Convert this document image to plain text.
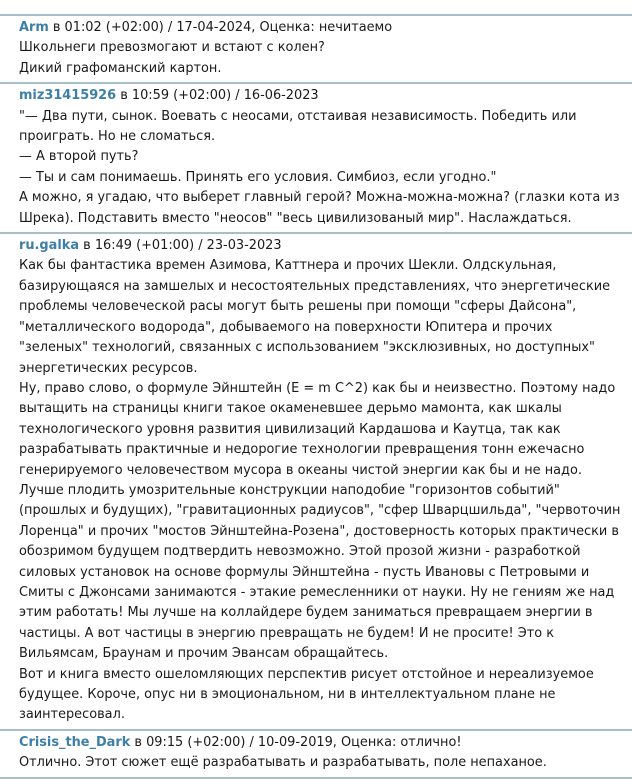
Arm в 01:02 (+02:00) / 17-04-2024, Оценка: нечитаемо
Школьнеги превозмогают и встают с колен?
Дикий графоманский картон.
miz31415926 в 10:59 (+02:00) / 16-06-2023
"— Два пути, сынок. Воевать с неосами, отстаивая независимость. Победить или проиграть. Но не сломаться.
— А второй путь?
— Ты и сам понимаешь. Принять его условия. Симбиоз, если угодно."
А можно, я угадаю, что выберет главный герой? Можна-можна-можна? (глазки кота из Шрека). Подставить вместо "неосов" "весь цивилизованый мир". Наслаждаться.
ru.galka в 16:49 (+01:00) / 23-03-2023
Как бы фантастика времен Азимова, Каттнера и прочих Шекли. Олдскульная, базирующаяся на замшелых и несостоятельных представлениях, что энергетические проблемы человеческой расы могут быть решены при помощи "сферы Дайсона", "металлического водорода", добываемого на поверхности Юпитера и прочих "зеленых" технологий, связанных с использованием "эксклюзивных, но доступных" энергетических ресурсов.
Ну, право слово, о формуле Эйнштейн (E = m C^2) как бы и неизвестно. Поэтому надо вытащить на страницы книги такое окаменевшее дерьмо мамонта, как шкалы технологического уровня развития цивилизаций Кардашова и Каутца, так как разрабатывать практичные и недорогие технологии превращения тонн ежечасно генерируемого человечеством мусора в океаны чистой энергии как бы и не надо. Лучше плодить умозрительные конструкции наподобие "горизонтов событий" (прошлых и будущих), "гравитационных радиусов", "сфер Шварцшильда", "червоточин Лоренца" и прочих "мостов Эйнштейна-Розена", достоверность которых практически в обозримом будущем подтвердить невозможно. Этой прозой жизни - разработкой силовых установок на основе формулы Эйнштейна - пусть Ивановы с Петровыми и Смиты с Джонсами занимаются - этакие ремесленники от науки. Ну не гениям же над этим работать! Мы лучше на коллайдере будем заниматься превращаем энергии в частицы. А вот частицы в энергию превращать не будем! И не просите! Это к Вильямсам, Браунам и прочим Эвансам обращайтесь.
Вот и книга вместо ошеломляющих перспектив рисует отстойное и нереализуемое будущее. Короче, опус ни в эмоциональном, ни в интеллектуальном плане не заинтересовал.
Crisis_the_Dark в 09:15 (+02:00) / 10-09-2019, Оценка: отлично!
Отлично. Этот сюжет ещё разрабатывать и разрабатывать, поле непаханое.
